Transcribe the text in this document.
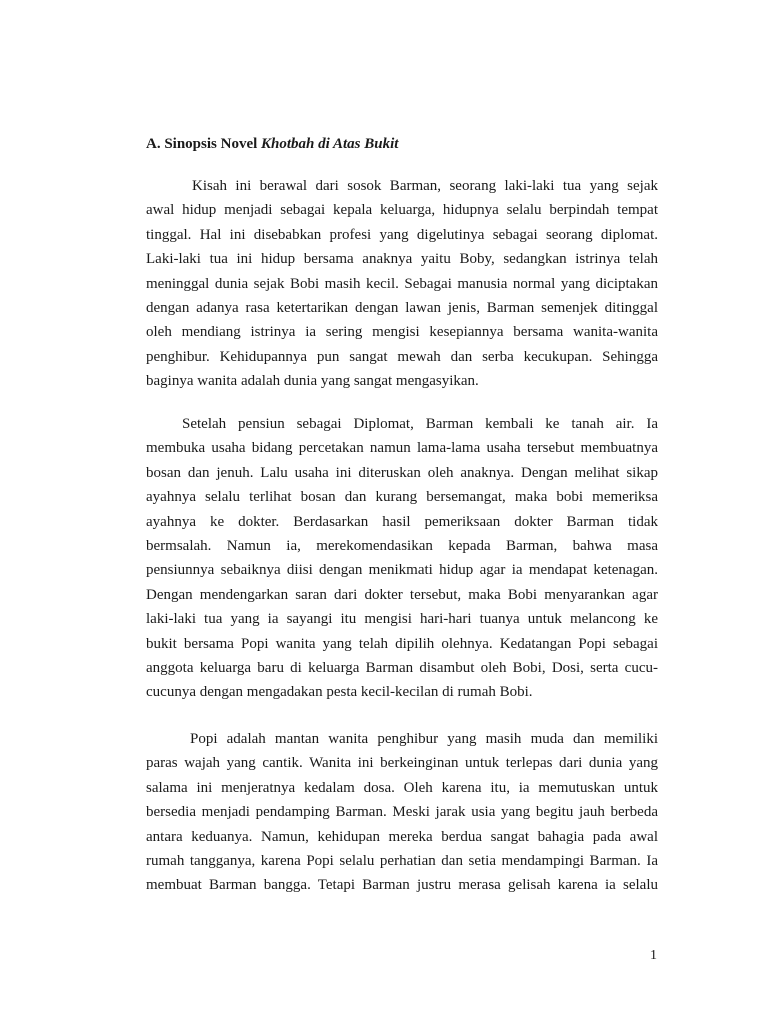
A. Sinopsis Novel Khotbah di Atas Bukit

Kisah ini berawal dari sosok Barman, seorang laki-laki tua yang sejak
awal hidup menjadi sebagai kepala keluarga, hidupnya selalu berpindah tempat
tinggal. Hal ini disebabkan profesi yang digelutinya sebagai seorang diplomat.
Laki-laki tua ini hidup bersama anaknya yaitu Boby, sedangkan istrinya telah
meninggal dunia sejak Bobi masih kecil. Sebagai manusia normal yang diciptakan
dengan adanya rasa ketertarikan dengan lawan jenis, Barman semenjek ditinggal
oleh mendiang istrinya ia sering mengisi kesepiannya bersama wanita-wanita
penghibur. Kehidupannya pun sangat mewah dan serba kecukupan. Sehingga
baginya wanita adalah dunia yang sangat mengasyikan.
Setelah pensiun sebagai Diplomat, Barman kembali ke tanah air. Ia
membuka usaha bidang percetakan namun lama-lama usaha tersebut membuatnya
bosan dan jenuh. Lalu usaha ini diteruskan oleh anaknya. Dengan melihat sikap
ayahnya selalu terlihat bosan dan kurang bersemangat, maka bobi memeriksa
ayahnya ke dokter. Berdasarkan hasil pemeriksaan dokter Barman tidak
bermsalah. Namun ia, merekomendasikan kepada Barman, bahwa masa
pensiunnya sebaiknya diisi dengan menikmati hidup agar ia mendapat ketenagan.
Dengan mendengarkan saran dari dokter tersebut, maka Bobi menyarankan agar
laki-laki tua yang ia sayangi itu mengisi hari-hari tuanya untuk melancong ke
bukit bersama Popi wanita yang telah dipilih olehnya. Kedatangan Popi sebagai
anggota keluarga baru di keluarga Barman disambut oleh Bobi, Dosi, serta cucu-
cucunya dengan mengadakan pesta kecil-kecilan di rumah Bobi.
Popi adalah mantan wanita penghibur yang masih muda dan memiliki
paras wajah yang cantik. Wanita ini berkeinginan untuk terlepas dari dunia yang
salama ini menjeratnya kedalam dosa. Oleh karena itu, ia memutuskan untuk
bersedia menjadi pendamping Barman. Meski jarak usia yang begitu jauh berbeda
antara keduanya. Namun, kehidupan mereka berdua sangat bahagia pada awal
rumah tangganya, karena Popi selalu perhatian dan setia mendampingi Barman. Ia
membuat Barman bangga. Tetapi Barman justru merasa gelisah karena ia selalu
1
